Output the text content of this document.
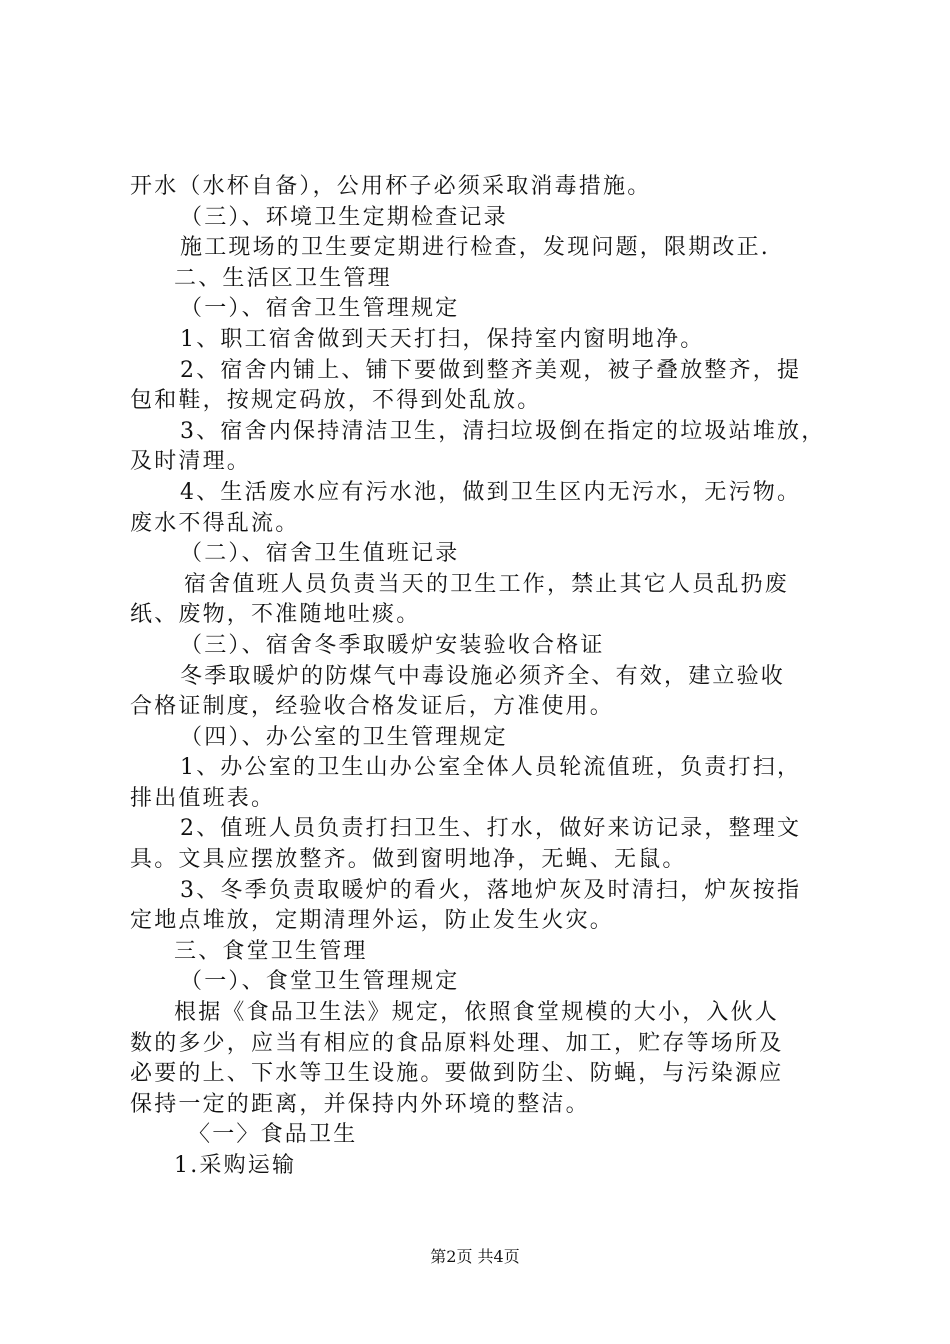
开水（水杯自备），公用杯子必须采取消毒措施。
（三）、环境卫生定期检查记录
施工现场的卫生要定期进行检查，发现问题，限期改正.
二、生活区卫生管理
（一）、宿舍卫生管理规定
1、职工宿舍做到天天打扫，保持室内窗明地净。
2、宿舍内铺上、铺下要做到整齐美观，被子叠放整齐，提
包和鞋，按规定码放，不得到处乱放。
3、宿舍内保持清洁卫生，清扫垃圾倒在指定的垃圾站堆放，
及时清理。
4、生活废水应有污水池，做到卫生区内无污水，无污物。
废水不得乱流。
（二）、宿舍卫生值班记录
宿舍值班人员负责当天的卫生工作，禁止其它人员乱扔废
纸、废物，不准随地吐痰。
（三）、宿舍冬季取暖炉安装验收合格证
冬季取暖炉的防煤气中毒设施必须齐全、有效，建立验收
合格证制度，经验收合格发证后，方准使用。
（四）、办公室的卫生管理规定
1、办公室的卫生山办公室全体人员轮流值班，负责打扫，
排出值班表。
2、值班人员负责打扫卫生、打水，做好来访记录，整理文
具。文具应摆放整齐。做到窗明地净，无蝇、无鼠。
3、冬季负责取暖炉的看火，落地炉灰及时清扫，炉灰按指
定地点堆放，定期清理外运，防止发生火灾。
三、食堂卫生管理
（一）、食堂卫生管理规定
根据《食品卫生法》规定，依照食堂规模的大小，入伙人
数的多少，应当有相应的食品原料处理、加工，贮存等场所及
必要的上、下水等卫生设施。要做到防尘、防蝇，与污染源应
保持一定的距离，并保持内外环境的整洁。
〈一〉食品卫生
1.采购运输
第2页 共4页
